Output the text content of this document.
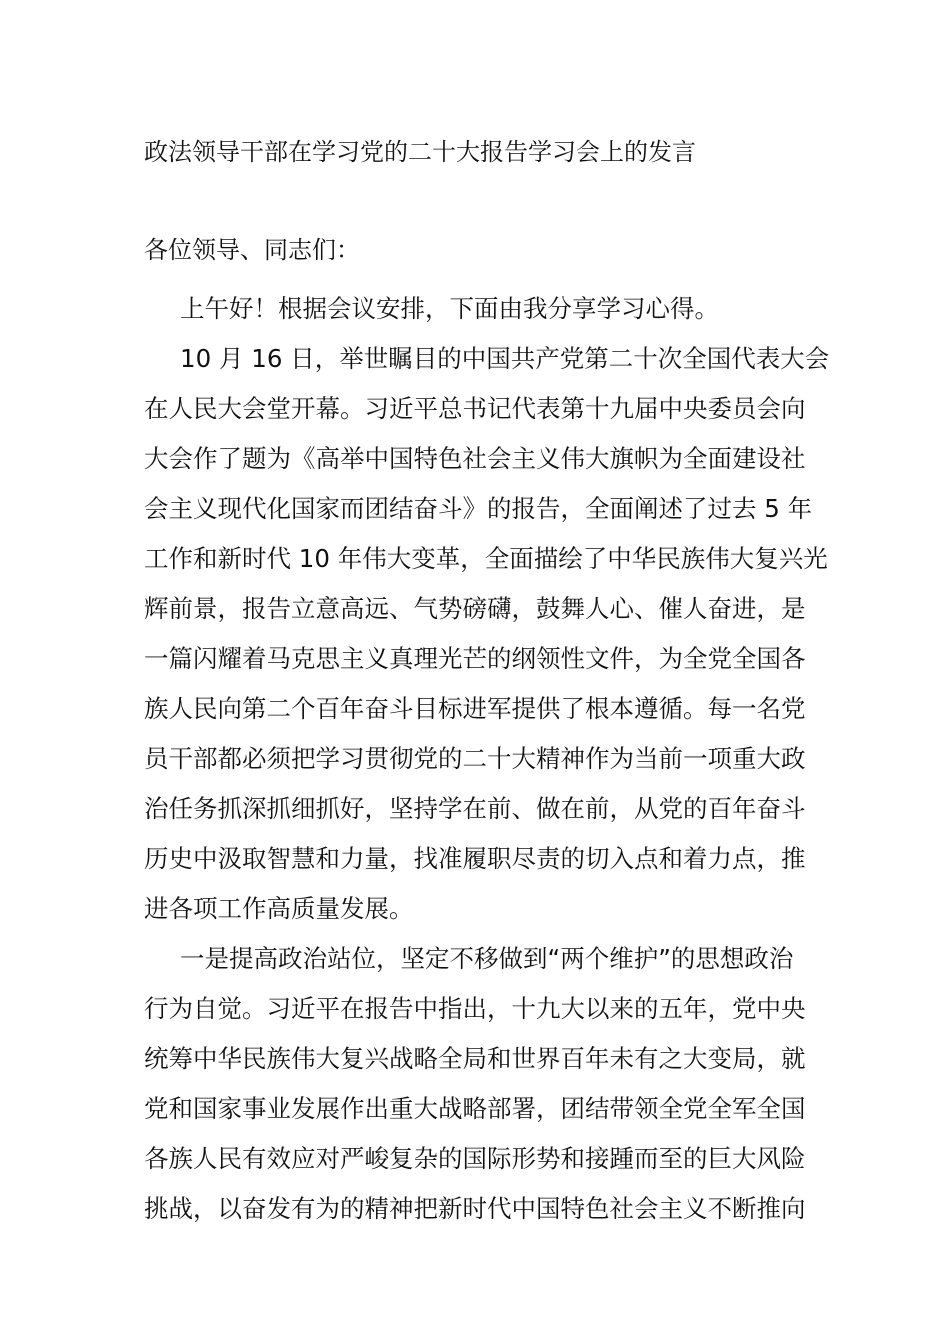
政法领导干部在学习党的二十大报告学习会上的发言
各位领导、同志们：
上午好！根据会议安排，下面由我分享学习心得。
10 月 16 日，举世瞩目的中国共产党第二十次全国代表大会
在人民大会堂开幕。习近平总书记代表第十九届中央委员会向
大会作了题为《高举中国特色社会主义伟大旗帜为全面建设社
会主义现代化国家而团结奋斗》的报告，全面阐述了过去 5 年
工作和新时代 10 年伟大变革，全面描绘了中华民族伟大复兴光
辉前景，报告立意高远、气势磅礴，鼓舞人心、催人奋进，是
一篇闪耀着马克思主义真理光芒的纲领性文件，为全党全国各
族人民向第二个百年奋斗目标进军提供了根本遵循。每一名党
员干部都必须把学习贯彻党的二十大精神作为当前一项重大政
治任务抓深抓细抓好，坚持学在前、做在前，从党的百年奋斗
历史中汲取智慧和力量，找准履职尽责的切入点和着力点，推
进各项工作高质量发展。
一是提高政治站位，坚定不移做到“两个维护”的思想政治
行为自觉。习近平在报告中指出，十九大以来的五年，党中央
统筹中华民族伟大复兴战略全局和世界百年未有之大变局，就
党和国家事业发展作出重大战略部署，团结带领全党全军全国
各族人民有效应对严峻复杂的国际形势和接踵而至的巨大风险
挑战，以奋发有为的精神把新时代中国特色社会主义不断推向
